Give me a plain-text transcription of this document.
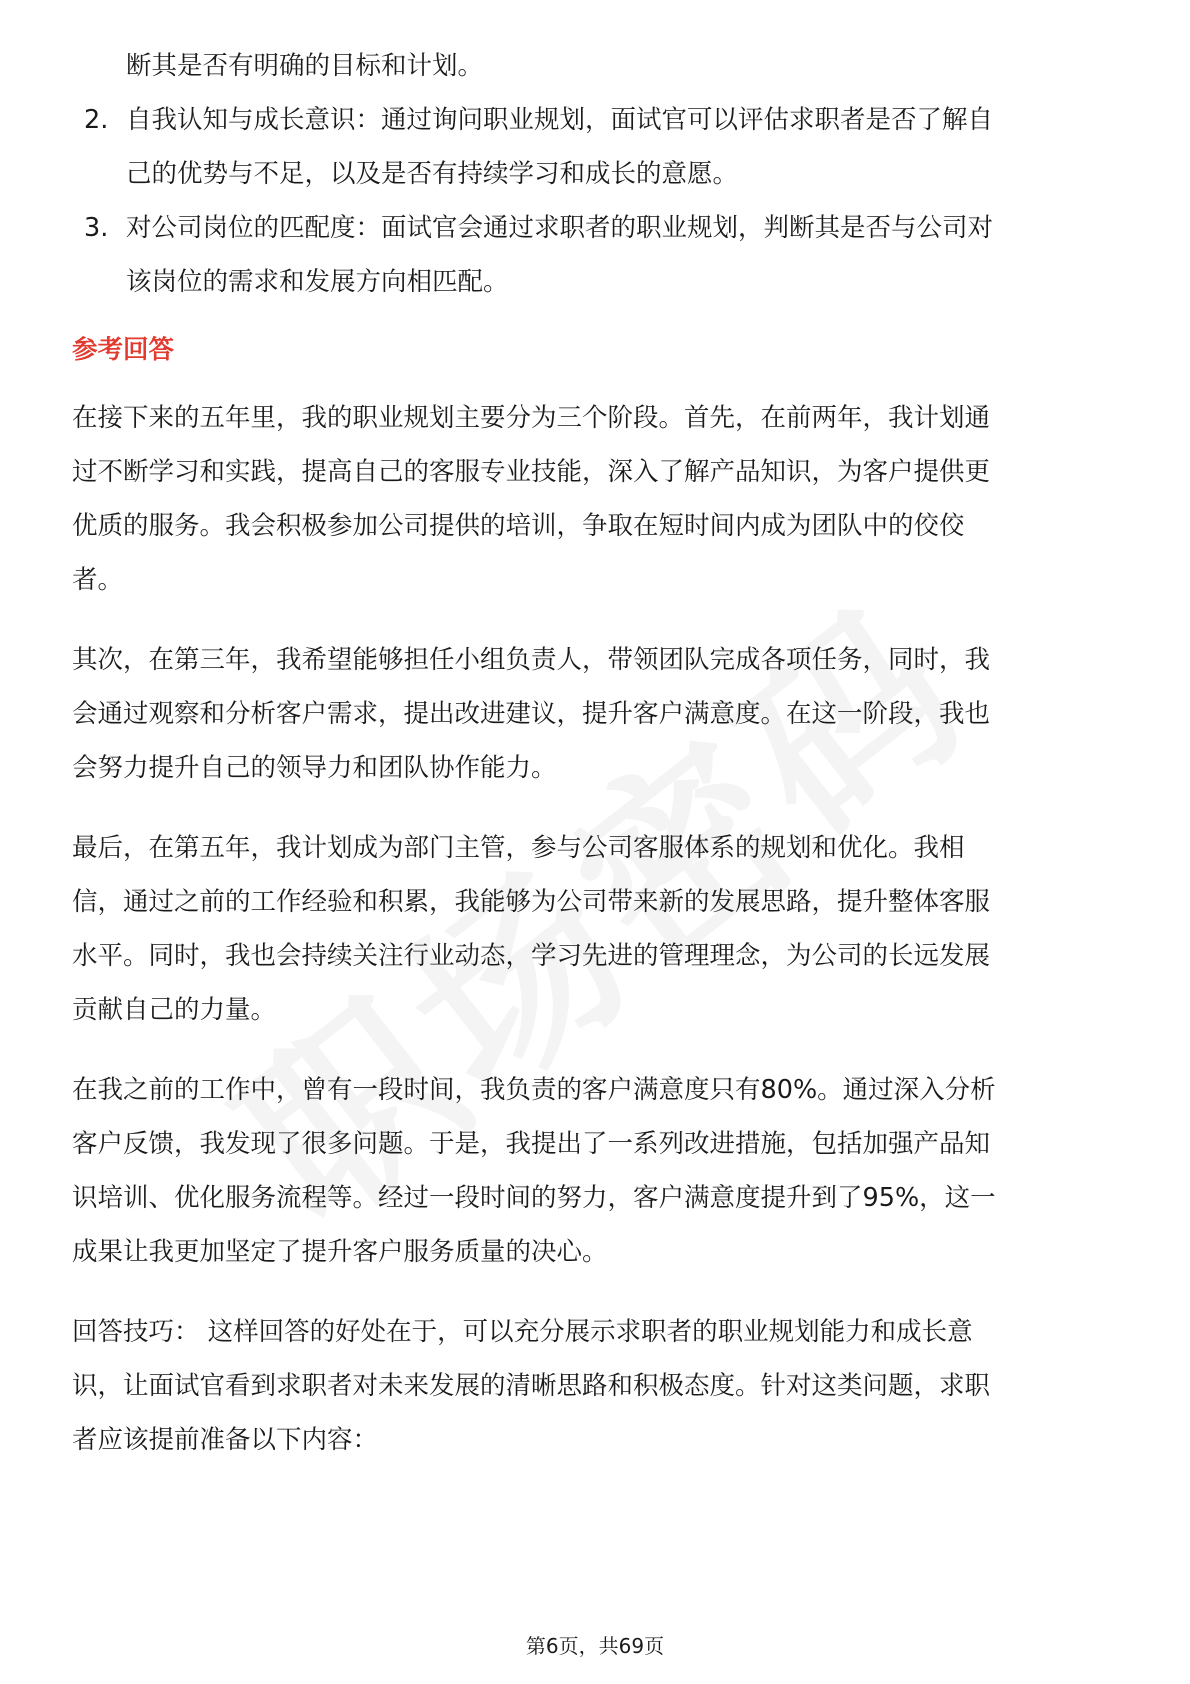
断其是否有明确的目标和计划。
2. 自我认知与成长意识：通过询问职业规划，面试官可以评估求职者是否了解自
己的优势与不足，以及是否有持续学习和成长的意愿。
3. 对公司岗位的匹配度：面试官会通过求职者的职业规划，判断其是否与公司对
该岗位的需求和发展方向相匹配。
参考回答
在接下来的五年里，我的职业规划主要分为三个阶段。首先，在前两年，我计划通
过不断学习和实践，提高自己的客服专业技能，深入了解产品知识，为客户提供更
优质的服务。我会积极参加公司提供的培训，争取在短时间内成为团队中的佼佼
者。
其次，在第三年，我希望能够担任小组负责人，带领团队完成各项任务，同时，我
会通过观察和分析客户需求，提出改进建议，提升客户满意度。在这一阶段，我也
会努力提升自己的领导力和团队协作能力。
最后，在第五年，我计划成为部门主管，参与公司客服体系的规划和优化。我相
信，通过之前的工作经验和积累，我能够为公司带来新的发展思路，提升整体客服
水平。同时，我也会持续关注行业动态，学习先进的管理理念，为公司的长远发展
贡献自己的力量。
在我之前的工作中，曾有一段时间，我负责的客户满意度只有80%。通过深入分析
客户反馈，我发现了很多问题。于是，我提出了一系列改进措施，包括加强产品知
识培训、优化服务流程等。经过一段时间的努力，客户满意度提升到了95%，这一
成果让我更加坚定了提升客户服务质量的决心。
回答技巧： 这样回答的好处在于，可以充分展示求职者的职业规划能力和成长意
识，让面试官看到求职者对未来发展的清晰思路和积极态度。针对这类问题，求职
者应该提前准备以下内容：
第6页，共69页
